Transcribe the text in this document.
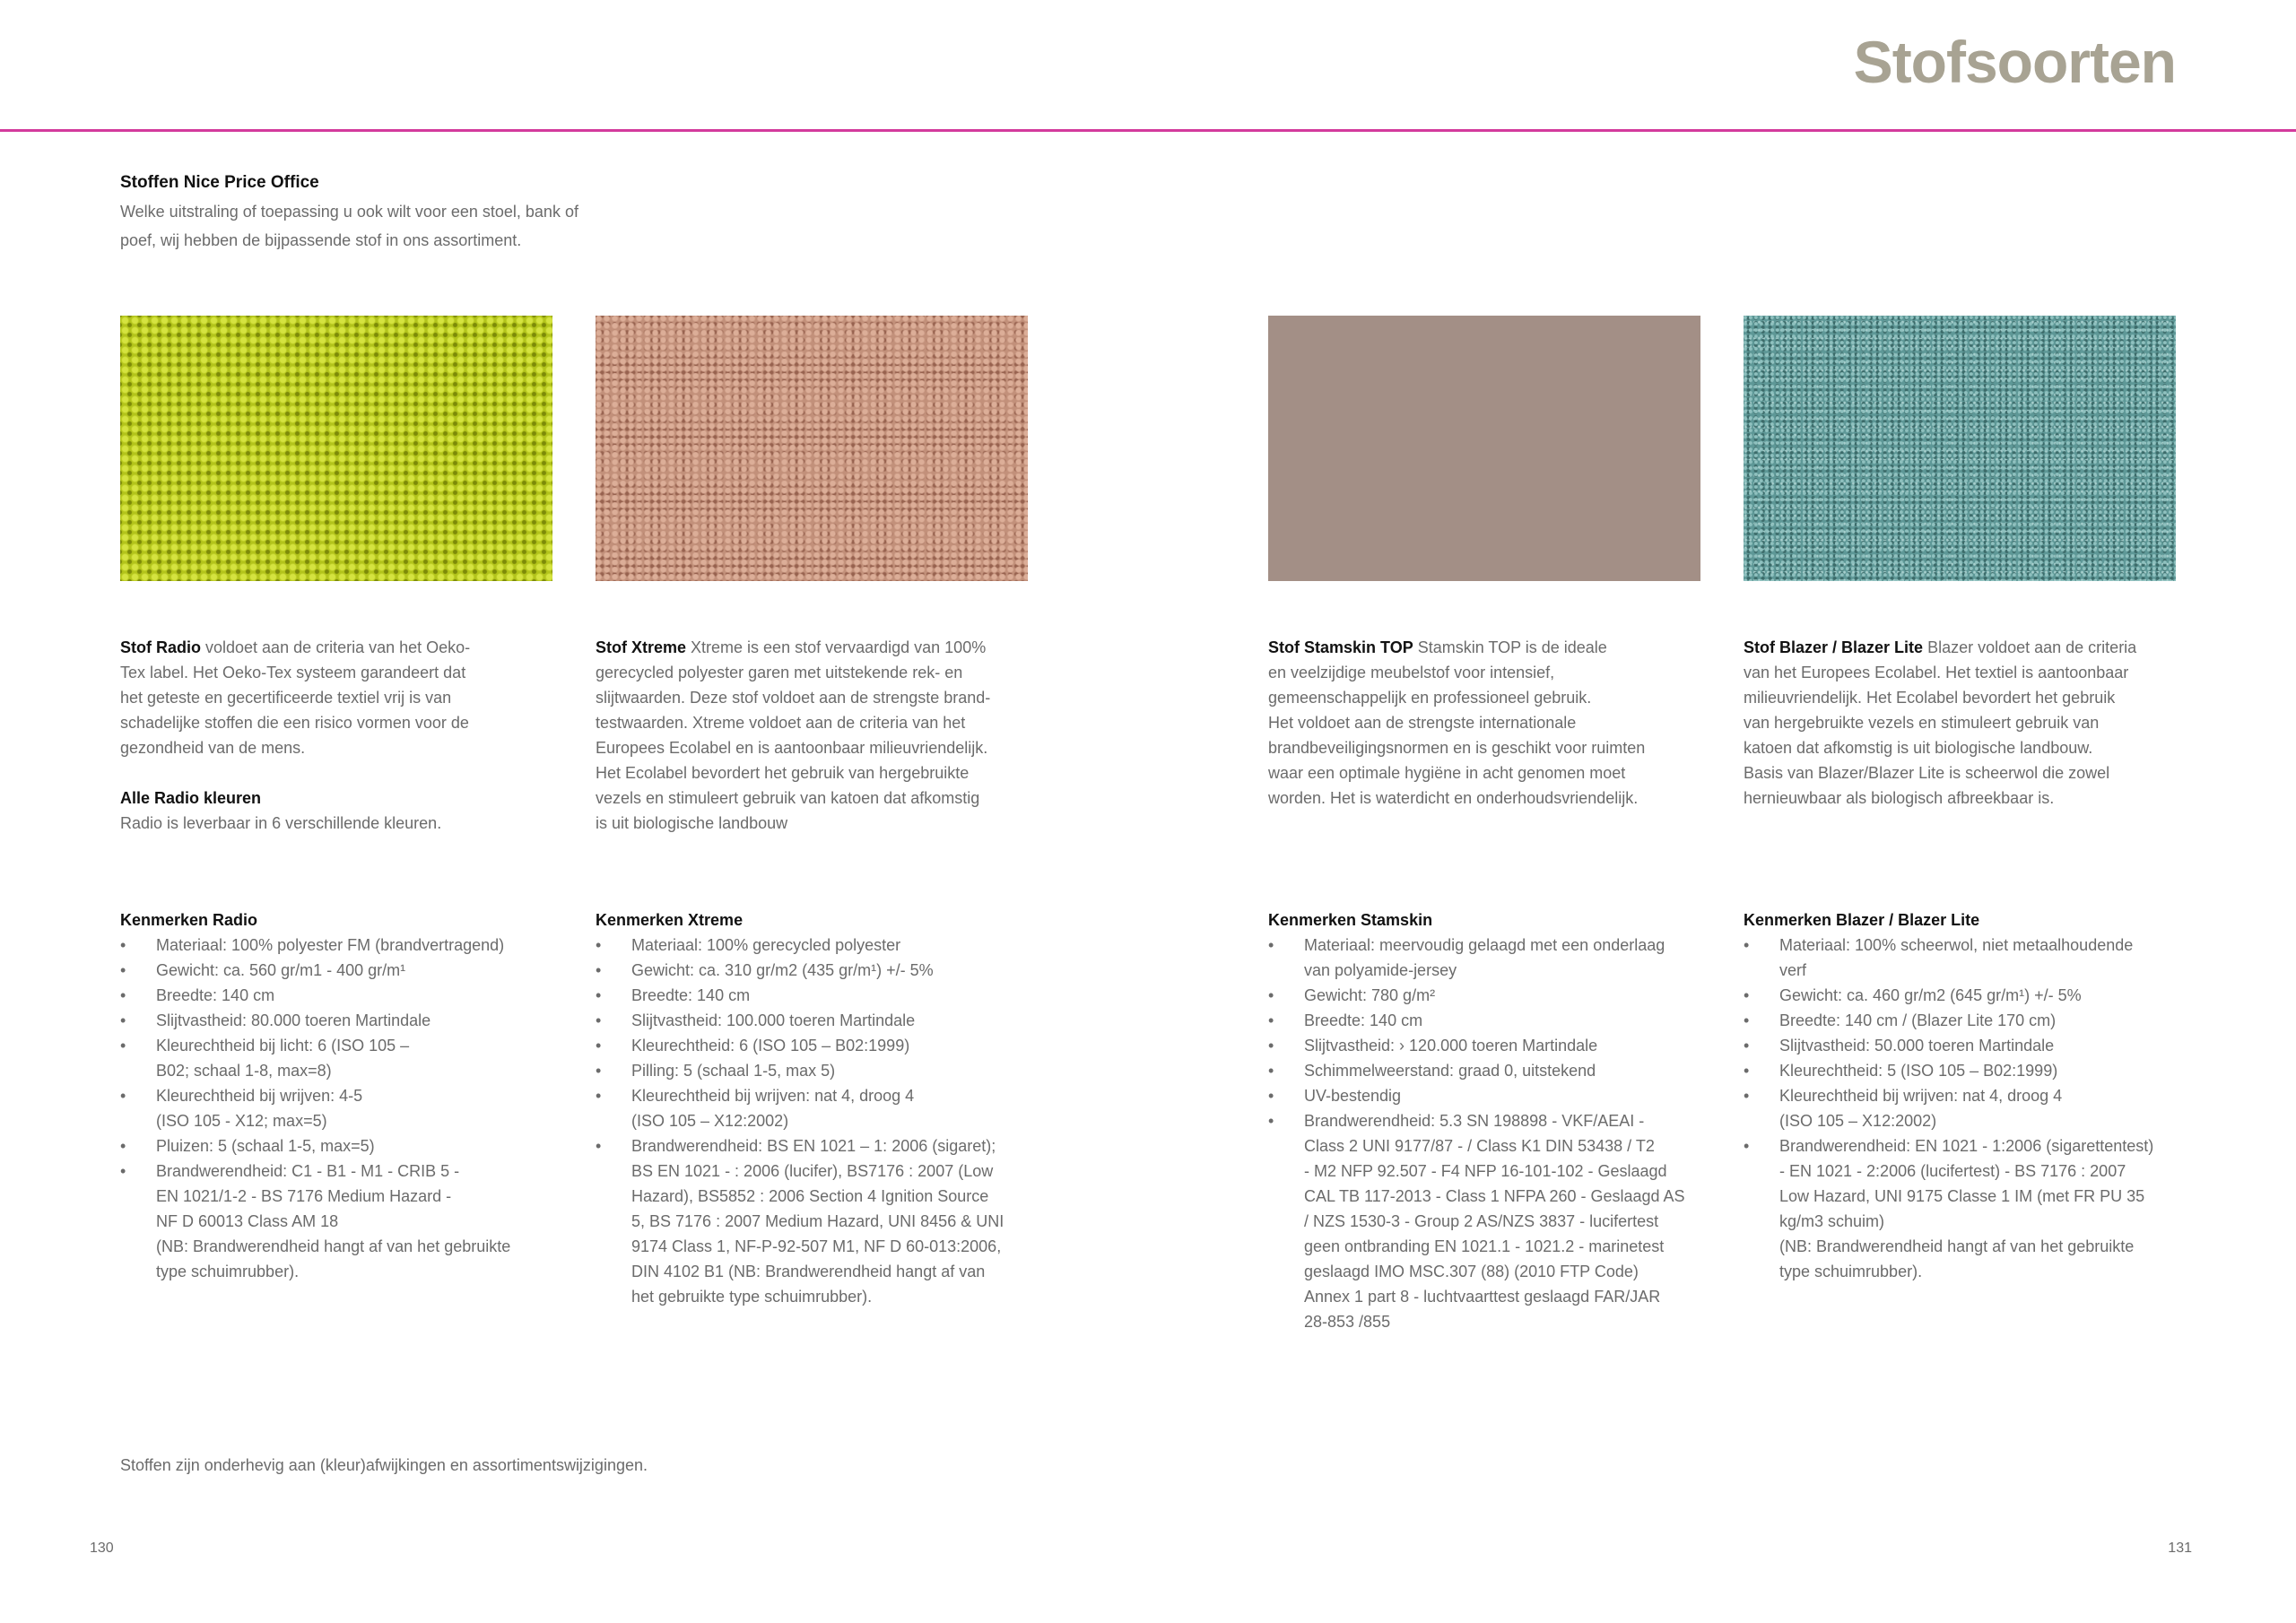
Stofsoorten
Stoffen Nice Price Office
Welke uitstraling of toepassing u ook wilt voor een stoel, bank of
poef, wij hebben de bijpassende stof in ons assortiment.
Stof Radio voldoet aan de criteria van het Oeko-
Tex label. Het Oeko-Tex systeem garandeert dat
het geteste en gecertificeerde textiel vrij is van
schadelijke stoffen die een risico vormen voor de
gezondheid van de mens.
Alle Radio kleuren
Radio is leverbaar in 6 verschillende kleuren.
Stof Xtreme Xtreme is een stof vervaardigd van 100%
gerecycled polyester garen met uitstekende rek- en
slijtwaarden. Deze stof voldoet aan de strengste brand-
testwaarden. Xtreme voldoet aan de criteria van het
Europees Ecolabel en is aantoonbaar milieuvriendelijk.
Het Ecolabel bevordert het gebruik van hergebruikte
vezels en stimuleert gebruik van katoen dat afkomstig
is uit biologische landbouw
Stof Stamskin TOP Stamskin TOP is de ideale
en veelzijdige meubelstof voor intensief,
gemeenschappelijk en professioneel gebruik.
Het voldoet aan de strengste internationale
brandbeveiligingsnormen en is geschikt voor ruimten
waar een optimale hygiëne in acht genomen moet
worden. Het is waterdicht en onderhoudsvriendelijk.
Stof Blazer / Blazer Lite Blazer voldoet aan de criteria
van het Europees Ecolabel. Het textiel is aantoonbaar
milieuvriendelijk. Het Ecolabel bevordert het gebruik
van hergebruikte vezels en stimuleert gebruik van
katoen dat afkomstig is uit biologische landbouw.
Basis van Blazer/Blazer Lite is scheerwol die zowel
hernieuwbaar als biologisch afbreekbaar is.
Kenmerken Radio
• Materiaal: 100% polyester FM (brandvertragend)
• Gewicht: ca. 560 gr/m1 - 400 gr/m¹
• Breedte: 140 cm
• Slijtvastheid: 80.000 toeren Martindale
• Kleurechtheid bij licht: 6 (ISO 105 –
B02; schaal 1-8, max=8)
• Kleurechtheid bij wrijven: 4-5
(ISO 105 - X12; max=5)
• Pluizen: 5 (schaal 1-5, max=5)
• Brandwerendheid: C1 - B1 - M1 - CRIB 5 -
EN 1021/1-2 - BS 7176 Medium Hazard -
NF D 60013 Class AM 18
(NB: Brandwerendheid hangt af van het gebruikte
type schuimrubber).
Kenmerken Xtreme
• Materiaal: 100% gerecycled polyester
• Gewicht: ca. 310 gr/m2 (435 gr/m¹) +/- 5%
• Breedte: 140 cm
• Slijtvastheid: 100.000 toeren Martindale
• Kleurechtheid: 6 (ISO 105 – B02:1999)
• Pilling: 5 (schaal 1-5, max 5)
• Kleurechtheid bij wrijven: nat 4, droog 4
(ISO 105 – X12:2002)
• Brandwerendheid: BS EN 1021 – 1: 2006 (sigaret);
BS EN 1021 - : 2006 (lucifer), BS7176 : 2007 (Low
Hazard), BS5852 : 2006 Section 4 Ignition Source
5, BS 7176 : 2007 Medium Hazard, UNI 8456 & UNI
9174 Class 1, NF-P-92-507 M1, NF D 60-013:2006,
DIN 4102 B1 (NB: Brandwerendheid hangt af van
het gebruikte type schuimrubber).
Kenmerken Stamskin
• Materiaal: meervoudig gelaagd met een onderlaag
van polyamide-jersey
• Gewicht: 780 g/m²
• Breedte: 140 cm
• Slijtvastheid: › 120.000 toeren Martindale
• Schimmelweerstand: graad 0, uitstekend
• UV-bestendig
• Brandwerendheid: 5.3 SN 198898 - VKF/AEAI -
Class 2 UNI 9177/87 - / Class K1 DIN 53438 / T2
- M2 NFP 92.507 - F4 NFP 16-101-102 - Geslaagd
CAL TB 117-2013 - Class 1 NFPA 260 - Geslaagd AS
/ NZS 1530-3 - Group 2 AS/NZS 3837 - lucifertest
geen ontbranding EN 1021.1 - 1021.2 - marinetest
geslaagd IMO MSC.307 (88) (2010 FTP Code)
Annex 1 part 8 - luchtvaarttest geslaagd FAR/JAR
28-853 /855
Kenmerken Blazer / Blazer Lite
• Materiaal: 100% scheerwol, niet metaalhoudende
verf
• Gewicht: ca. 460 gr/m2 (645 gr/m¹) +/- 5%
• Breedte: 140 cm / (Blazer Lite 170 cm)
• Slijtvastheid: 50.000 toeren Martindale
• Kleurechtheid: 5 (ISO 105 – B02:1999)
• Kleurechtheid bij wrijven: nat 4, droog 4
(ISO 105 – X12:2002)
• Brandwerendheid: EN 1021 - 1:2006 (sigarettentest)
- EN 1021 - 2:2006 (lucifertest) - BS 7176 : 2007
Low Hazard, UNI 9175 Classe 1 IM (met FR PU 35
kg/m3 schuim)
(NB: Brandwerendheid hangt af van het gebruikte
type schuimrubber).
Stoffen zijn onderhevig aan (kleur)afwijkingen en assortimentswijzigingen.
130	131
